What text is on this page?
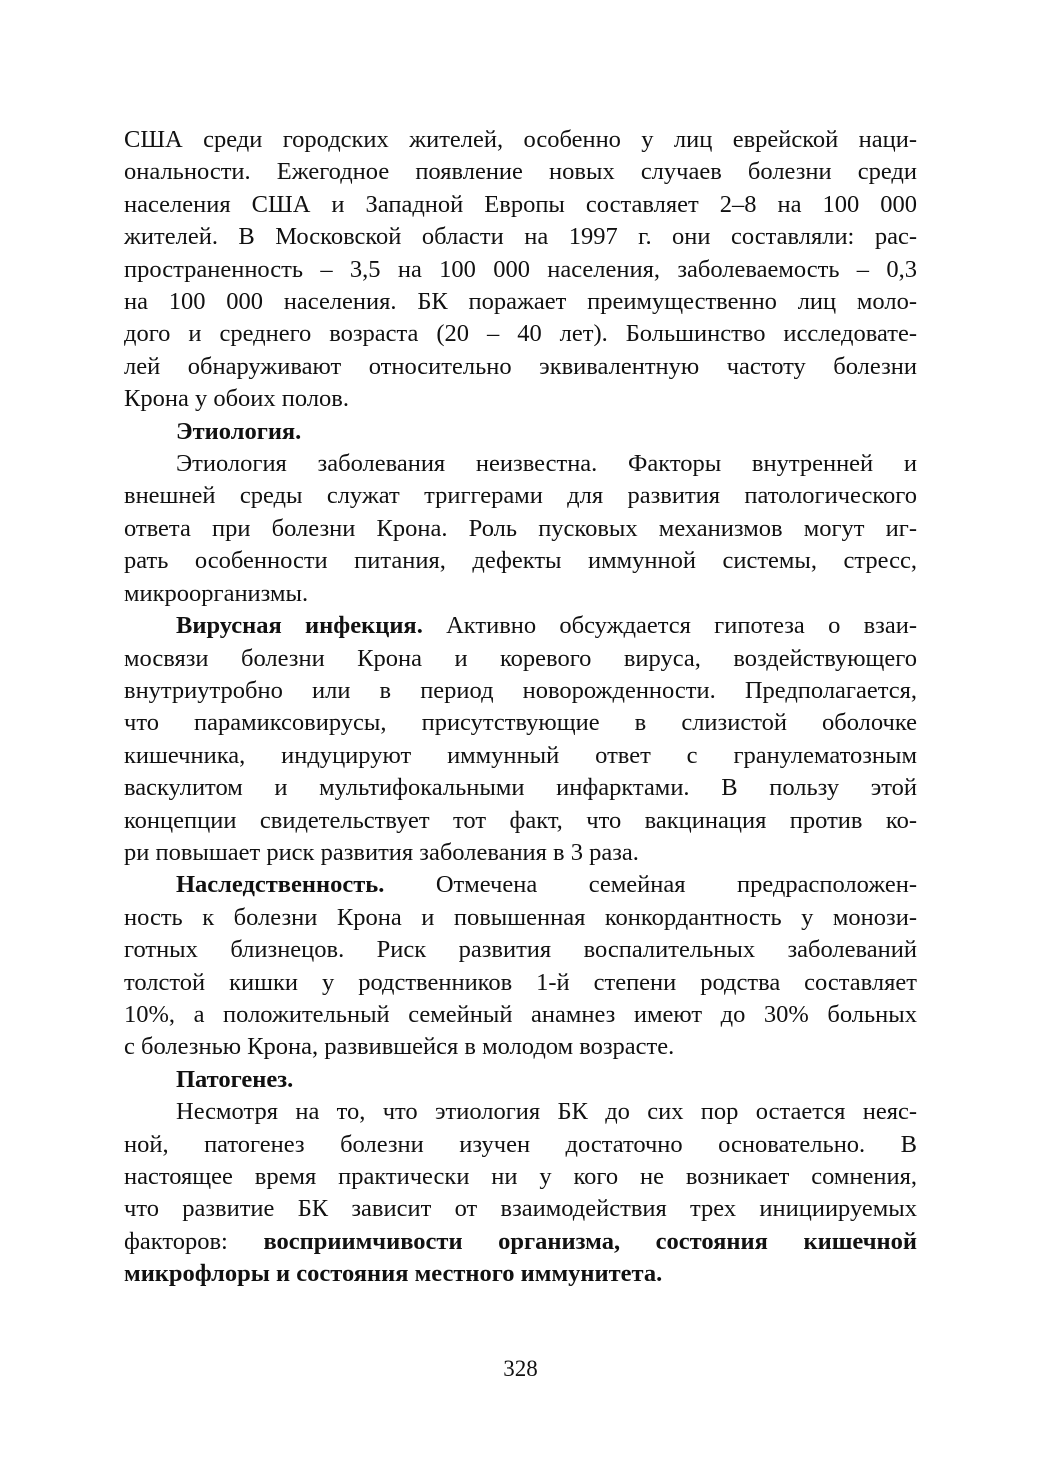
США среди городских жителей, особенно у лиц еврейской наци-
ональности. Ежегодное появление новых случаев болезни среди
населения США и Западной Европы составляет 2–8 на 100 000
жителей. В Московской области на 1997 г. они составляли: рас-
пространенность – 3,5 на 100 000 населения, заболеваемость – 0,3
на 100 000 населения. БК поражает преимущественно лиц моло-
дого и среднего возраста (20 – 40 лет). Большинство исследовате-
лей обнаруживают относительно эквивалентную частоту болезни
Крона у обоих полов.
Этиология.
Этиология заболевания неизвестна. Факторы внутренней и
внешней среды служат триггерами для развития патологического
ответа при болезни Крона. Роль пусковых механизмов могут иг-
рать особенности питания, дефекты иммунной системы, стресс,
микроорганизмы.
Вирусная инфекция. Активно обсуждается гипотеза о взаи-
мосвязи болезни Крона и коревого вируса, воздействующего
внутриутробно или в период новорожденности. Предполагается,
что парамиксовирусы, присутствующие в слизистой оболочке
кишечника, индуцируют иммунный ответ с гранулематозным
васкулитом и мультифокальными инфарктами. В пользу этой
концепции свидетельствует тот факт, что вакцинация против ко-
ри повышает риск развития заболевания в 3 раза.
Наследственность. Отмечена семейная предрасположен-
ность к болезни Крона и повышенная конкордантность у монози-
готных близнецов. Риск развития воспалительных заболеваний
толстой кишки у родственников 1-й степени родства составляет
10%, а положительный семейный анамнез имеют до 30% больных
с болезнью Крона, развившейся в молодом возрасте.
Патогенез.
Несмотря на то, что этиология БК до сих пор остается неяс-
ной, патогенез болезни изучен достаточно основательно. В
настоящее время практически ни у кого не возникает сомнения,
что развитие БК зависит от взаимодействия трех инициируемых
факторов: восприимчивости организма, состояния кишечной
микрофлоры и состояния местного иммунитета.
328
